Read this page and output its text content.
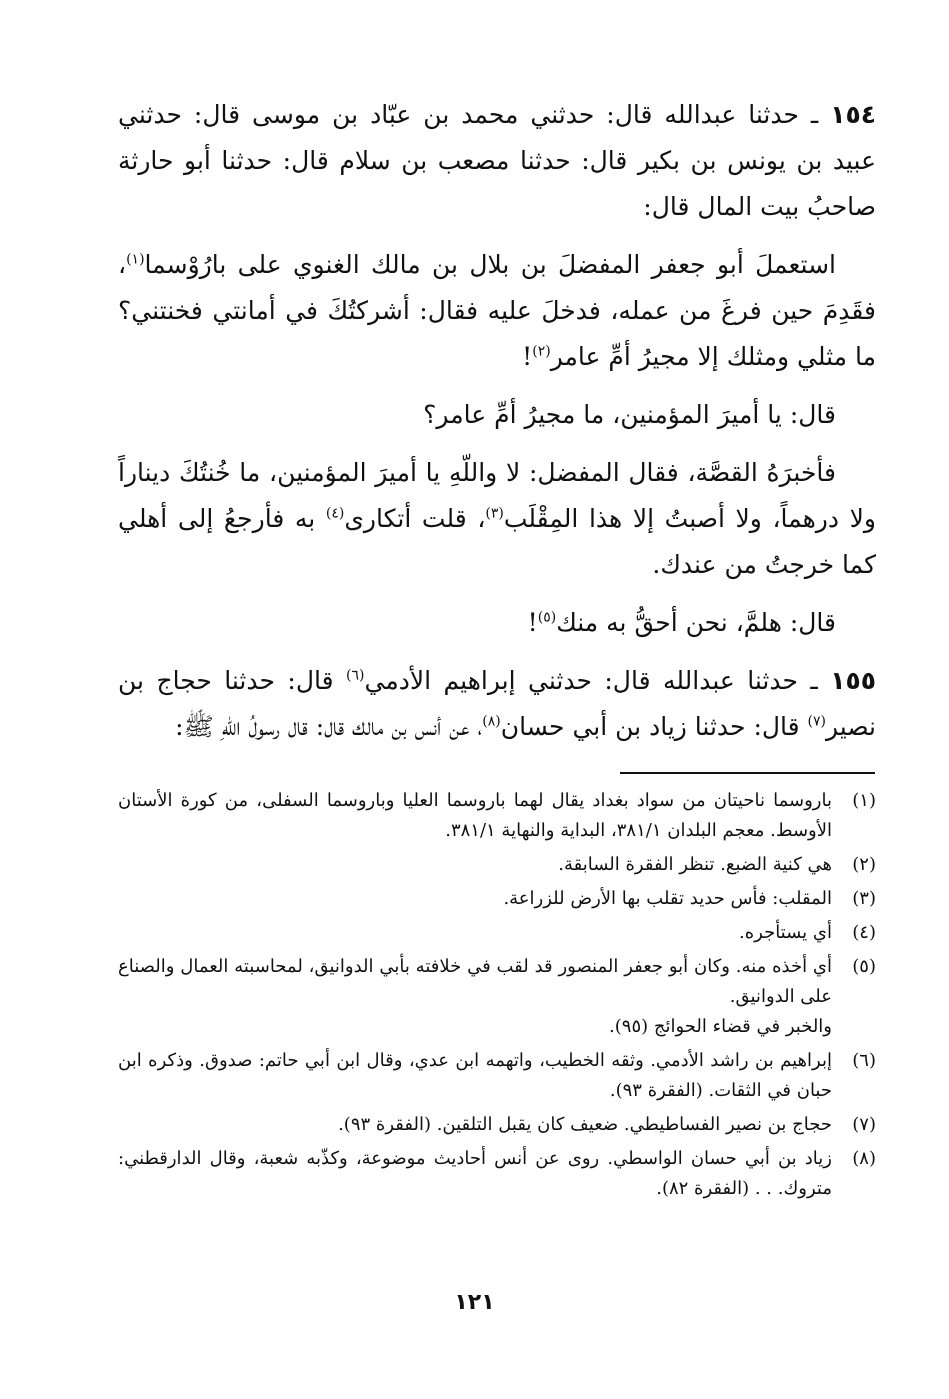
١٥٤ ـ حدثنا عبدالله قال: حدثني محمد بن عبّاد بن موسى قال: حدثني عبيد بن يونس بن بكير قال: حدثنا مصعب بن سلام قال: حدثنا أبو حارثة صاحبُ بيت المال قال:

استعملَ أبو جعفر المفضلَ بن بلال بن مالك الغنوي على بارُوْسما$^{(١)}$، فقَدِمَ حين فرغَ من عمله، فدخلَ عليه فقال: أشركتُكَ في أمانتي فخنتني؟ ما مثلي ومثلك إلا مجيرُ أمِّ عامر$^{(٢)}$!

قال: يا أميرَ المؤمنين، ما مجيرُ أمِّ عامر؟

فأخبرَهُ القصَّة، فقال المفضل: لا واللّهِ يا أميرَ المؤمنين، ما خُنتُكَ ديناراً ولا درهماً، ولا أصبتُ إلا هذا المِقْلَب$^{(٣)}$، قلت أتكارى$^{(٤)}$ به فأرجعُ إلى أهلي كما خرجتُ من عندك.

قال: هلمَّ، نحن أحقُّ به منك$^{(٥)}$!

١٥٥ ـ حدثنا عبدالله قال: حدثني إبراهيم الأدمي$^{(٦)}$ قال: حدثنا حجاج بن نصير$^{(٧)}$ قال: حدثنا زياد بن أبي حسان$^{(٨)}$، عن أنس بن مالك قال: قال رسولُ اللّهِ ﷺ:

(١)
باروسما ناحيتان من سواد بغداد يقال لهما باروسما العليا وباروسما السفلى، من كورة الأستان الأوسط. معجم البلدان ٣٨١/١، البداية والنهاية ٣٨١/١.
(٢)
هي كنية الضبع. تنظر الفقرة السابقة.
(٣)
المقلب: فأس حديد تقلب بها الأرض للزراعة.
(٤)
أي يستأجره.
(٥)
أي أخذه منه. وكان أبو جعفر المنصور قد لقب في خلافته بأبي الدوانيق، لمحاسبته العمال والصناع على الدوانيق.
والخبر في قضاء الحوائج (٩٥).
(٦)
إبراهيم بن راشد الأدمي. وثقه الخطيب، واتهمه ابن عدي، وقال ابن أبي حاتم: صدوق. وذكره ابن حبان في الثقات. (الفقرة ٩٣).
(٧)
حجاج بن نصير الفساطيطي. ضعيف كان يقبل التلقين. (الفقرة ٩٣).
(٨)
زياد بن أبي حسان الواسطي. روى عن أنس أحاديث موضوعة، وكذّبه شعبة، وقال الدارقطني: متروك. . . (الفقرة ٨٢).
١٢١
